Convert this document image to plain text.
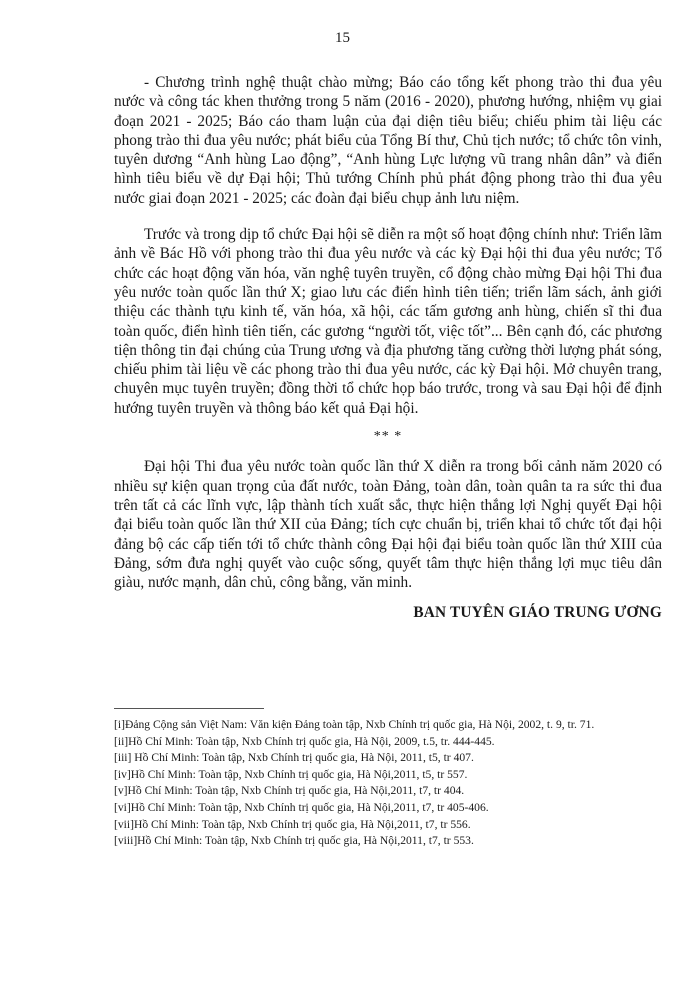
15

- Chương trình nghệ thuật chào mừng; Báo cáo tổng kết phong trào thi đua yêu nước và công tác khen thưởng trong 5 năm (2016 - 2020), phương hướng, nhiệm vụ giai đoạn 2021 - 2025; Báo cáo tham luận của đại diện tiêu biểu; chiếu phim tài liệu các phong trào thi đua yêu nước; phát biểu của Tổng Bí thư, Chủ tịch nước; tổ chức tôn vinh, tuyên dương “Anh hùng Lao động”, “Anh hùng Lực lượng vũ trang nhân dân” và điển hình tiêu biểu về dự Đại hội; Thủ tướng Chính phủ phát động phong trào thi đua yêu nước giai đoạn 2021 - 2025; các đoàn đại biểu chụp ảnh lưu niệm.

Trước và trong dịp tổ chức Đại hội sẽ diễn ra một số hoạt động chính như: Triển lãm ảnh về Bác Hồ với phong trào thi đua yêu nước và các kỳ Đại hội thi đua yêu nước; Tổ chức các hoạt động văn hóa, văn nghệ tuyên truyền, cổ động chào mừng Đại hội Thi đua yêu nước toàn quốc lần thứ X; giao lưu các điển hình tiên tiến; triển lãm sách, ảnh giới thiệu các thành tựu kinh tế, văn hóa, xã hội, các tấm gương anh hùng, chiến sĩ thi đua toàn quốc, điển hình tiên tiến, các gương “người tốt, việc tốt”... Bên cạnh đó, các phương tiện thông tin đại chúng của Trung ương và địa phương tăng cường thời lượng phát sóng, chiếu phim tài liệu về các phong trào thi đua yêu nước, các kỳ Đại hội. Mở chuyên trang, chuyên mục tuyên truyền; đồng thời tổ chức họp báo trước, trong và sau Đại hội để định hướng tuyên truyền và thông báo kết quả Đại hội.

** *

Đại hội Thi đua yêu nước toàn quốc lần thứ X diễn ra trong bối cảnh năm 2020 có nhiều sự kiện quan trọng của đất nước, toàn Đảng, toàn dân, toàn quân ta ra sức thi đua trên tất cả các lĩnh vực, lập thành tích xuất sắc, thực hiện thắng lợi Nghị quyết Đại hội đại biểu toàn quốc lần thứ XII của Đảng; tích cực chuẩn bị, triển khai tổ chức tốt đại hội đảng bộ các cấp tiến tới tổ chức thành công Đại hội đại biểu toàn quốc lần thứ XIII của Đảng, sớm đưa nghị quyết vào cuộc sống, quyết tâm thực hiện thắng lợi mục tiêu dân giàu, nước mạnh, dân chủ, công bằng, văn minh.

BAN TUYÊN GIÁO TRUNG ƯƠNG
[i]Đảng Cộng sản Việt Nam: Văn kiện Đảng toàn tập, Nxb Chính trị quốc gia, Hà Nội, 2002, t. 9, tr. 71.
[ii]Hồ Chí Minh: Toàn tập, Nxb Chính trị quốc gia, Hà Nội, 2009, t.5, tr. 444-445.
[iii] Hồ Chí Minh: Toàn tập, Nxb Chính trị quốc gia, Hà Nội, 2011, t5, tr 407.
[iv]Hồ Chí Minh: Toàn tập, Nxb Chính trị quốc gia, Hà Nội,2011, t5, tr 557.
[v]Hồ Chí Minh: Toàn tập, Nxb Chính trị quốc gia, Hà Nội,2011, t7, tr 404.
[vi]Hồ Chí Minh: Toàn tập, Nxb Chính trị quốc gia, Hà Nội,2011, t7, tr 405-406.
[vii]Hồ Chí Minh: Toàn tập, Nxb Chính trị quốc gia, Hà Nội,2011, t7, tr 556.
[viii]Hồ Chí Minh: Toàn tập, Nxb Chính trị quốc gia, Hà Nội,2011, t7, tr 553.
